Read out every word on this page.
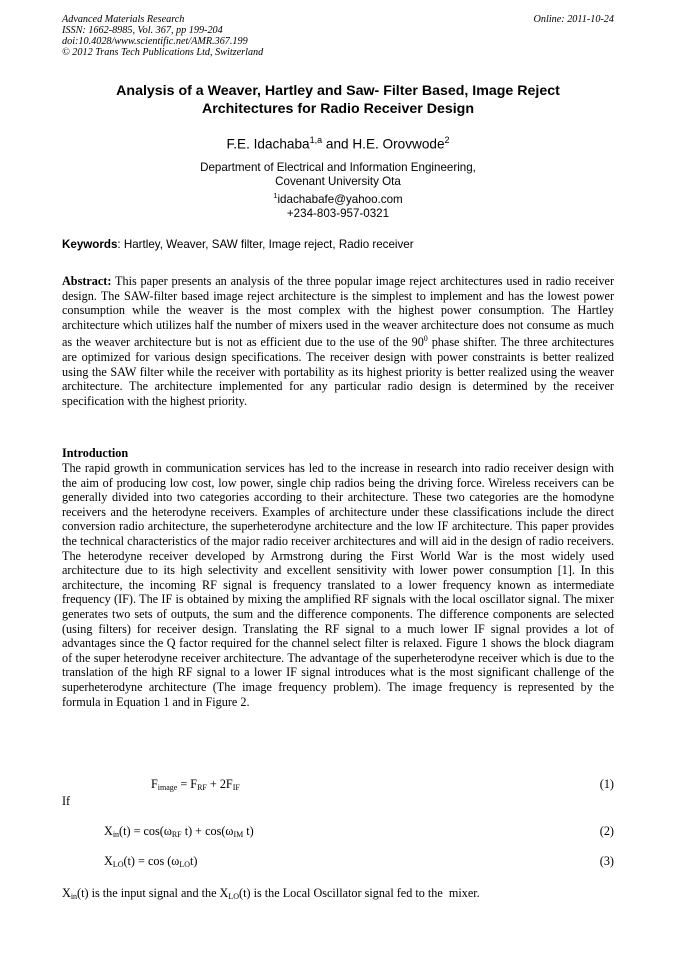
Advanced Materials Research
ISSN: 1662-8985, Vol. 367, pp 199-204
doi:10.4028/www.scientific.net/AMR.367.199
© 2012 Trans Tech Publications Ltd, Switzerland
Online: 2011-10-24
Analysis of a Weaver, Hartley and Saw- Filter Based, Image Reject
Architectures for Radio Receiver Design
F.E. Idachaba$^{1,a}$ and H.E. Orovwode$^2$
Department of Electrical and Information Engineering,
Covenant University Ota
$^1$idachabafe@yahoo.com
+234-803-957-0321
Keywords: Hartley, Weaver, SAW filter, Image reject, Radio receiver
Abstract: This paper presents an analysis of the three popular image reject architectures used in radio receiver design. The SAW-filter based image reject architecture is the simplest to implement and has the lowest power consumption while the weaver is the most complex with the highest power consumption. The Hartley architecture which utilizes half the number of mixers used in the weaver architecture does not consume as much as the weaver architecture but is not as efficient due to the use of the $90^0$ phase shifter. The three architectures are optimized for various design specifications. The receiver design with power constraints is better realized using the SAW filter while the receiver with portability as its highest priority is better realized using the weaver architecture. The architecture implemented for any particular radio design is determined by the receiver specification with the highest priority.
Introduction
The rapid growth in communication services has led to the increase in research into radio receiver design with the aim of producing low cost, low power, single chip radios being the driving force. Wireless receivers can be generally divided into two categories according to their architecture. These two categories are the homodyne receivers and the heterodyne receivers. Examples of architecture under these classifications include the direct conversion radio architecture, the superheterodyne architecture and the low IF architecture. This paper provides the technical characteristics of the major radio receiver architectures and will aid in the design of radio receivers. The heterodyne receiver developed by Armstrong during the First World War is the most widely used architecture due to its high selectivity and excellent sensitivity with lower power consumption [1]. In this architecture, the incoming RF signal is frequency translated to a lower frequency known as intermediate frequency (IF). The IF is obtained by mixing the amplified RF signals with the local oscillator signal. The mixer generates two sets of outputs, the sum and the difference components. The difference components are selected (using filters) for receiver design. Translating the RF signal to a much lower IF signal provides a lot of advantages since the Q factor required for the channel select filter is relaxed. Figure 1 shows the block diagram of the super heterodyne receiver architecture. The advantage of the superheterodyne receiver which is due to the translation of the high RF signal to a lower IF signal introduces what is the most significant challenge of the superheterodyne architecture (The image frequency problem). The image frequency is represented by the formula in Equation 1 and in Figure 2.
$F_{image} = F_{RF} + 2F_{IF}$	(1)
If
$X_{in}(t) = \cos(\omega_{RF}$ $t) + \cos(\omega_{IM}$ t)	(2)
$X_{LO}(t) = \cos (\omega_{LO}t)$	(3)
$X_{in}(t)$ is the input signal and the $X_{LO}(t)$ is the Local Oscillator signal fed to the  mixer.
